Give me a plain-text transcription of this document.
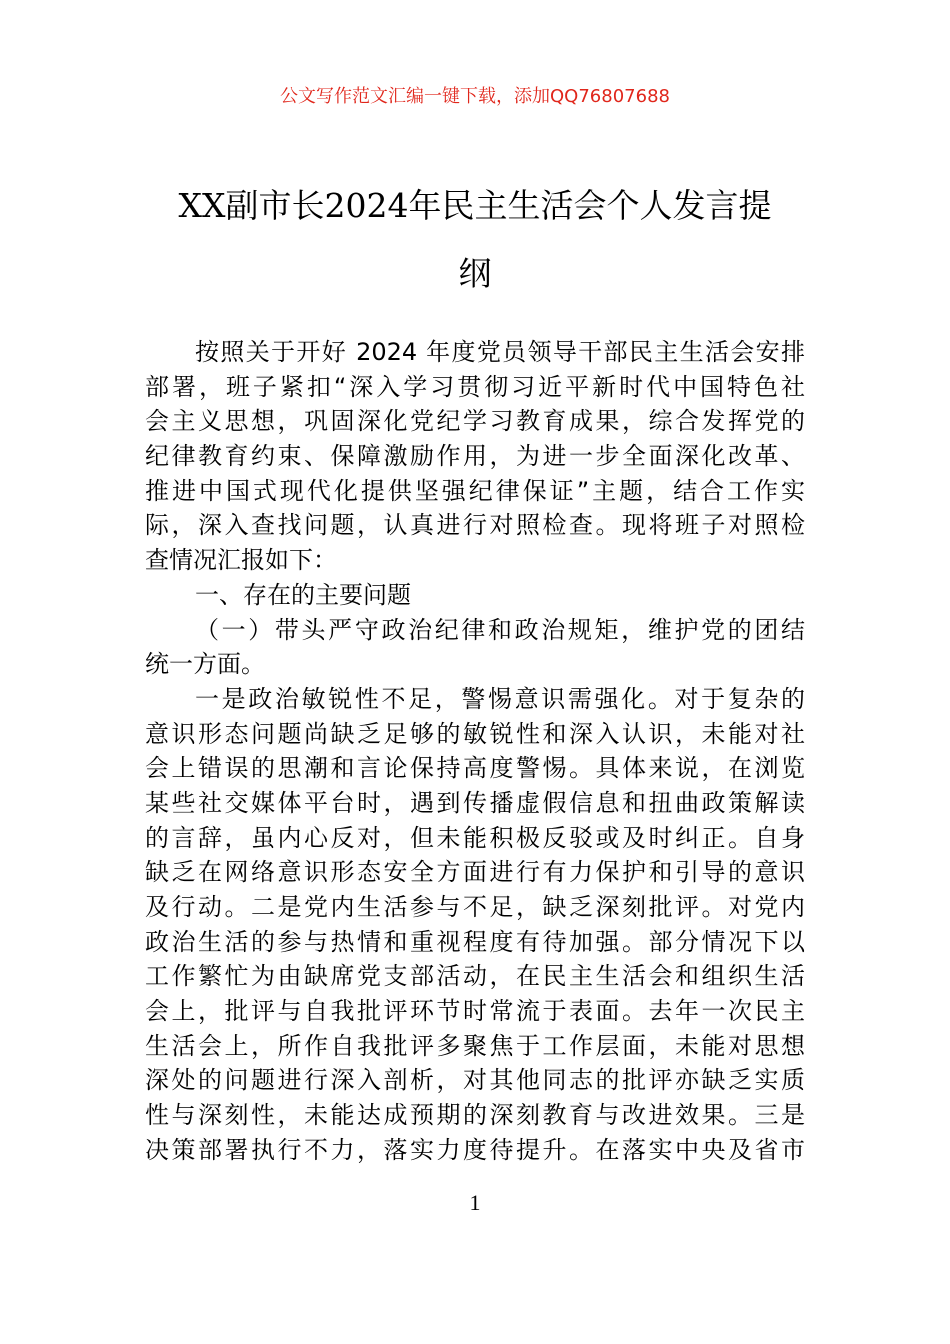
公文写作范文汇编一键下载，添加QQ76807688
XX副市长2024年民主生活会个人发言提
纲
按照关于开好 2024 年度党员领导干部民主生活会安排
部署，班子紧扣“深入学习贯彻习近平新时代中国特色社
会主义思想，巩固深化党纪学习教育成果，综合发挥党的
纪律教育约束、保障激励作用，为进一步全面深化改革、
推进中国式现代化提供坚强纪律保证”主题，结合工作实
际，深入查找问题，认真进行对照检查。现将班子对照检
查情况汇报如下：
一、存在的主要问题
（一）带头严守政治纪律和政治规矩，维护党的团结
统一方面。
一是政治敏锐性不足，警惕意识需强化。对于复杂的
意识形态问题尚缺乏足够的敏锐性和深入认识，未能对社
会上错误的思潮和言论保持高度警惕。具体来说，在浏览
某些社交媒体平台时，遇到传播虚假信息和扭曲政策解读
的言辞，虽内心反对，但未能积极反驳或及时纠正。自身
缺乏在网络意识形态安全方面进行有力保护和引导的意识
及行动。二是党内生活参与不足，缺乏深刻批评。对党内
政治生活的参与热情和重视程度有待加强。部分情况下以
工作繁忙为由缺席党支部活动，在民主生活会和组织生活
会上，批评与自我批评环节时常流于表面。去年一次民主
生活会上，所作自我批评多聚焦于工作层面，未能对思想
深处的问题进行深入剖析，对其他同志的批评亦缺乏实质
性与深刻性，未能达成预期的深刻教育与改进效果。三是
决策部署执行不力，落实力度待提升。在落实中央及省市
1
